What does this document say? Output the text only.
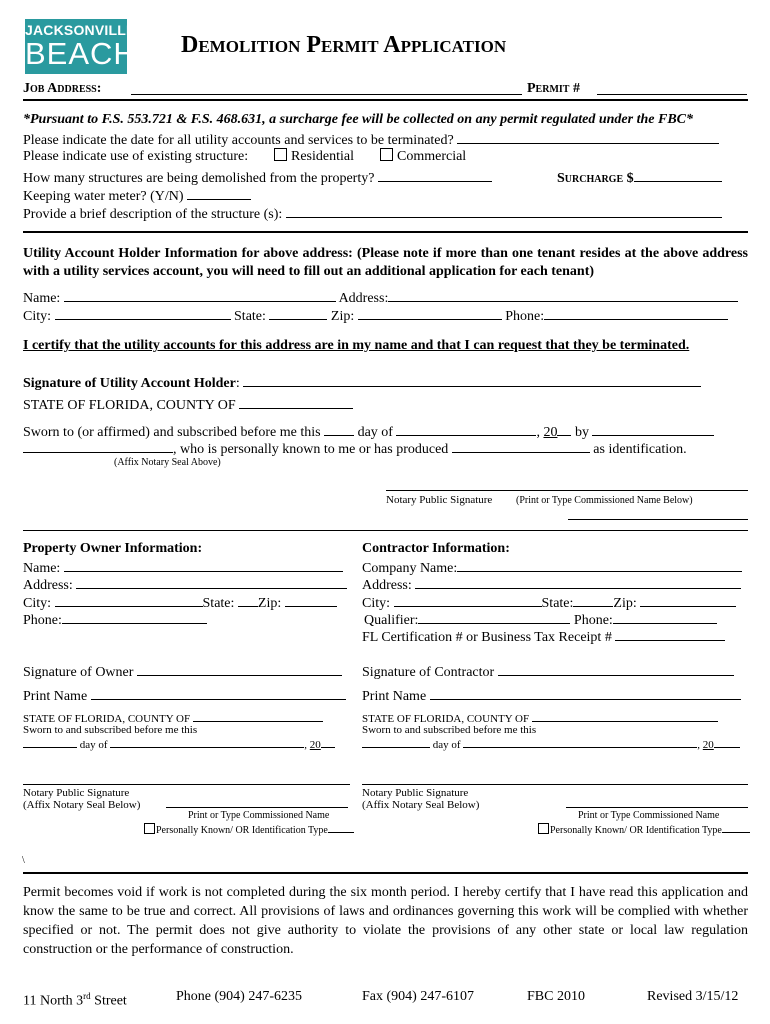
JACKSONVILLE
BEACH Demolition Permit Application
Job Address:	Permit #
*Pursuant to F.S. 553.721 & F.S. 468.631, a surcharge fee will be collected on any permit regulated under the FBC*
Please indicate the date for all utility accounts and services to be terminated?
Please indicate use of existing structure:	Residential	Commercial
How many structures are being demolished from the property?	Surcharge $
Keeping water meter? (Y/N)
Provide a brief description of the structure (s):
Utility Account Holder Information for above address: (Please note if more than one tenant resides at the above address with a utility services account, you will need to fill out an additional application for each tenant)
Name:	Address:
City:	State:	Zip:	Phone:
I certify that the utility accounts for this address are in my name and that I can request that they be terminated.
Signature of Utility Account Holder:
STATE OF FLORIDA, COUNTY OF
Sworn to (or affirmed) and subscribed before me this	day of	, 20 by
, who is personally known to me or has produced	as identification.
(Affix Notary Seal Above)
Notary Public Signature (Print or Type Commissioned Name Below)
Property Owner Information:
Name:
Address:
City:	State: Zip:
Phone:
Signature of Owner
Print Name
STATE OF FLORIDA, COUNTY OF
Sworn to and subscribed before me this
day of	, 20
Notary Public Signature
(Affix Notary Seal Below)
Print or Type Commissioned Name
Personally Known/ OR Identification Type
Contractor Information:
Company Name:
Address:
City:	State:	Zip:
Qualifier:	Phone:
FL Certification # or Business Tax Receipt #
Signature of Contractor
Print Name
STATE OF FLORIDA, COUNTY OF
Sworn to and subscribed before me this
day of	, 20
Notary Public Signature
(Affix Notary Seal Below)
Print or Type Commissioned Name
Personally Known/ OR Identification Type
\
Permit becomes void if work is not completed during the six month period. I hereby certify that I have read this application and know the same to be true and correct. All provisions of laws and ordinances governing this work will be complied with whether specified or not. The permit does not give authority to violate the provisions of any other state or local law regulation construction or the performance of construction.
11 North 3rd Street	Phone (904) 247-6235	Fax (904) 247-6107	FBC 2010	Revised 3/15/12
